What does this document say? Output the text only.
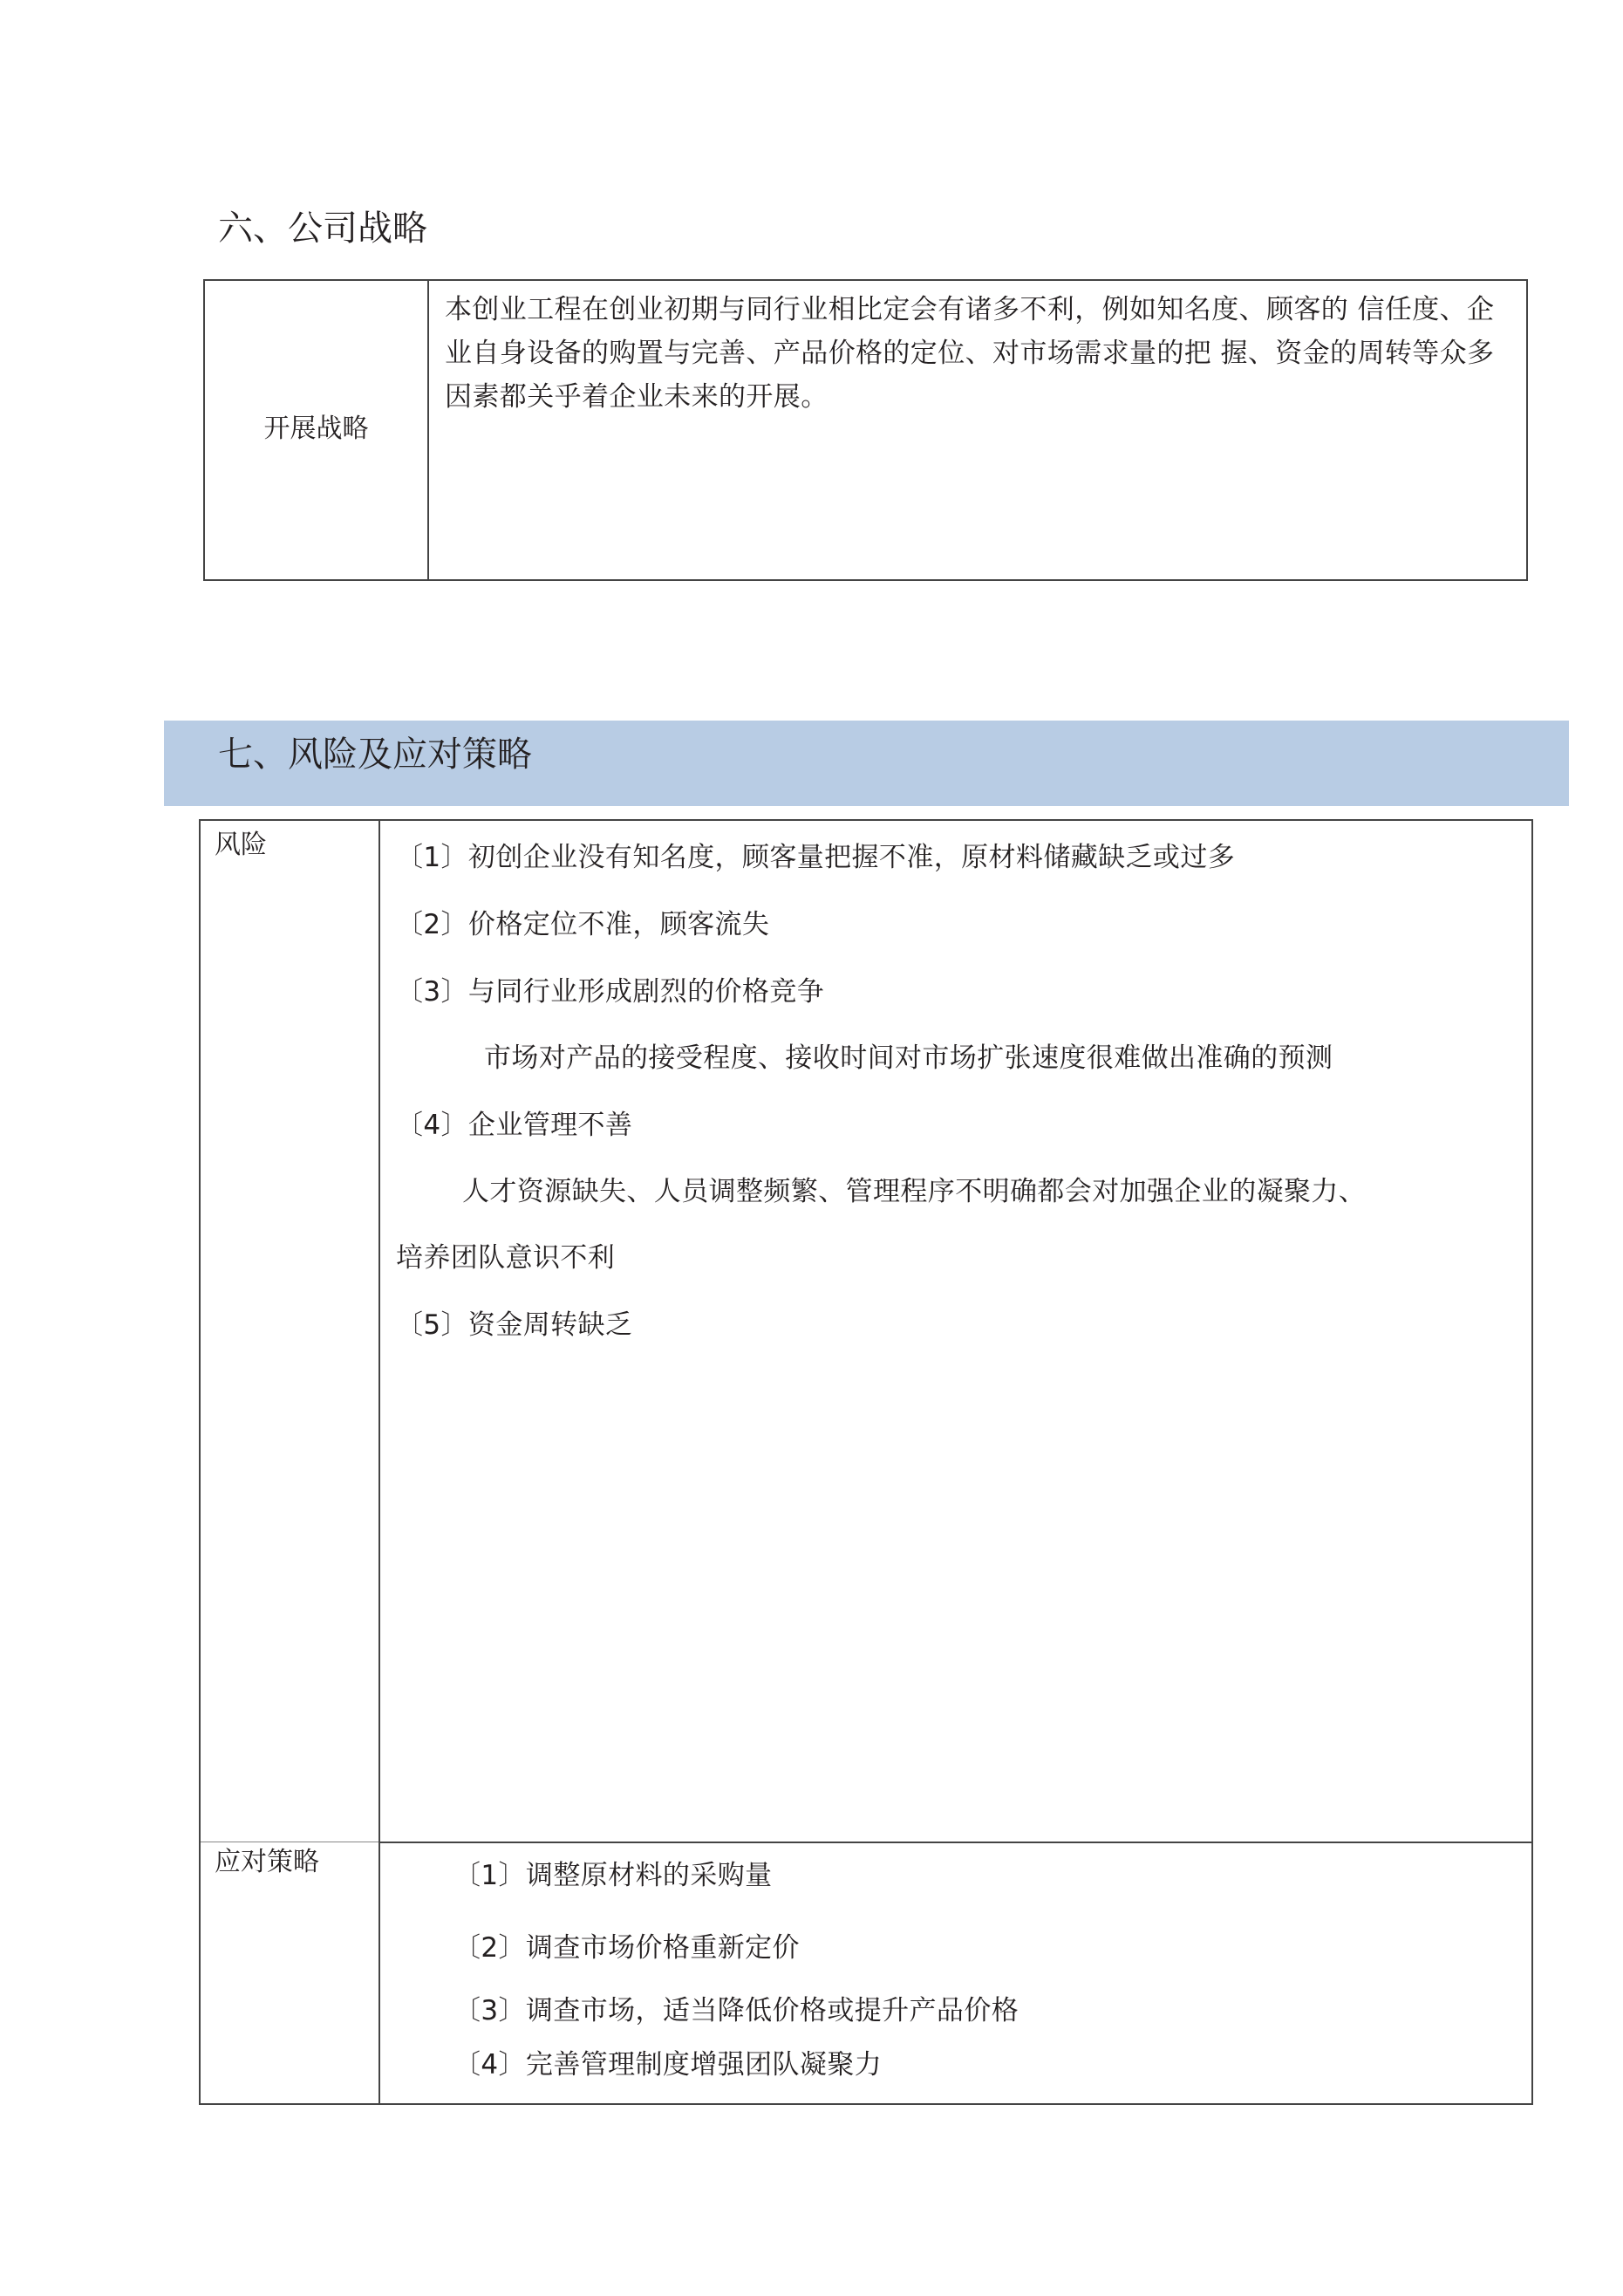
六、公司战略
开展战略
本创业工程在创业初期与同行业相比定会有诸多不利，例如知名度、顾客的 信任度、企业自身设备的购置与完善、产品价格的定位、对市场需求量的把 握、资金的周转等众多因素都关乎着企业未来的开展。
七、风险及应对策略
风险	〔1〕初创企业没有知名度，顾客量把握不准，原材料储藏缺乏或过多
〔2〕价格定位不准，顾客流失
〔3〕与同行业形成剧烈的价格竞争
市场对产品的接受程度、接收时间对市场扩张速度很难做出准确的预测
〔4〕企业管理不善
人才资源缺失、人员调整频繁、管理程序不明确都会对加强企业的凝聚力、
培养团队意识不利
〔5〕资金周转缺乏
应对策略	〔1〕调整原材料的采购量
〔2〕调查市场价格重新定价
〔3〕调查市场，适当降低价格或提升产品价格
〔4〕完善管理制度增强团队凝聚力
